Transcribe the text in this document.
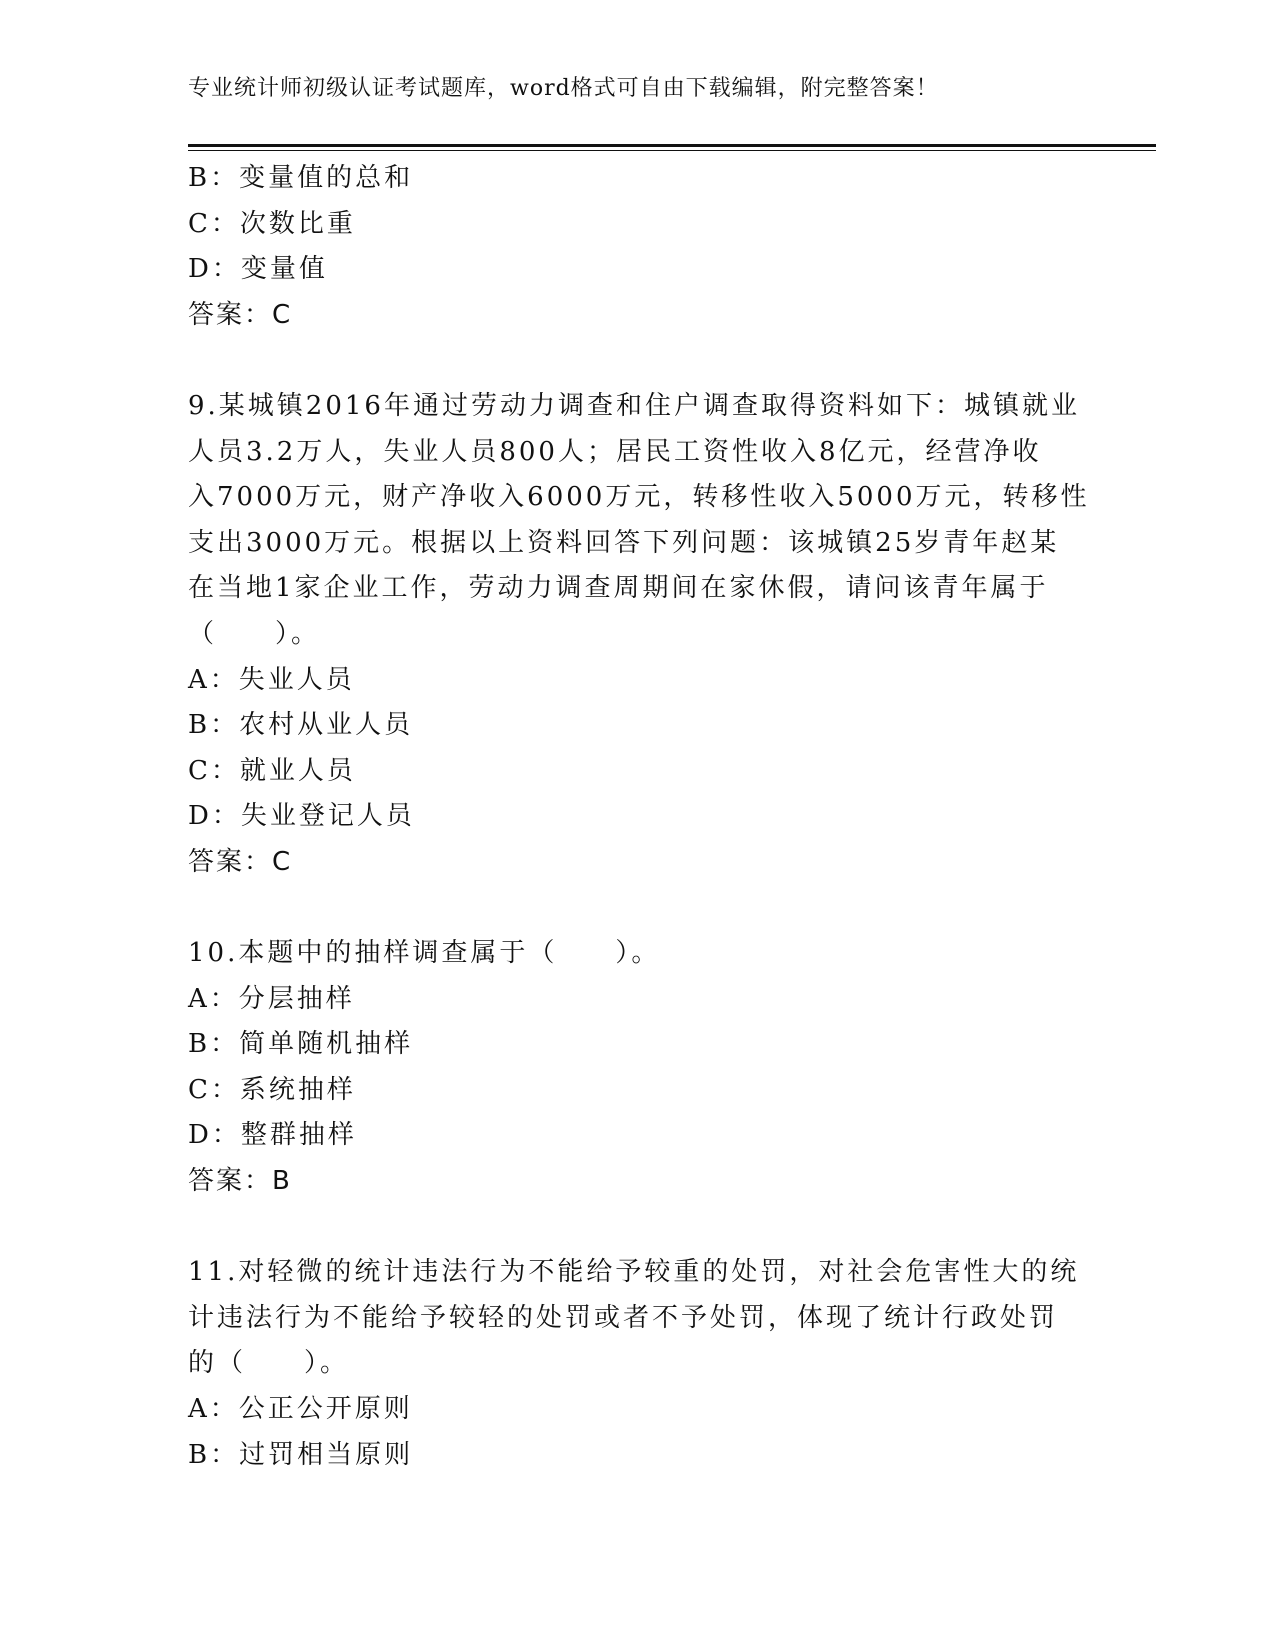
专业统计师初级认证考试题库，word格式可自由下载编辑，附完整答案！
B：变量值的总和
C：次数比重
D：变量值
答案：C
9.某城镇2016年通过劳动力调查和住户调查取得资料如下：城镇就业
人员3.2万人，失业人员800人；居民工资性收入8亿元，经营净收
入7000万元，财产净收入6000万元，转移性收入5000万元，转移性
支出3000万元。根据以上资料回答下列问题：该城镇25岁青年赵某
在当地1家企业工作，劳动力调查周期间在家休假，请问该青年属于
（　　）。
A：失业人员
B：农村从业人员
C：就业人员
D：失业登记人员
答案：C
10.本题中的抽样调查属于（　　）。
A：分层抽样
B：简单随机抽样
C：系统抽样
D：整群抽样
答案：B
11.对轻微的统计违法行为不能给予较重的处罚，对社会危害性大的统
计违法行为不能给予较轻的处罚或者不予处罚，体现了统计行政处罚
的（　　）。
A：公正公开原则
B：过罚相当原则
